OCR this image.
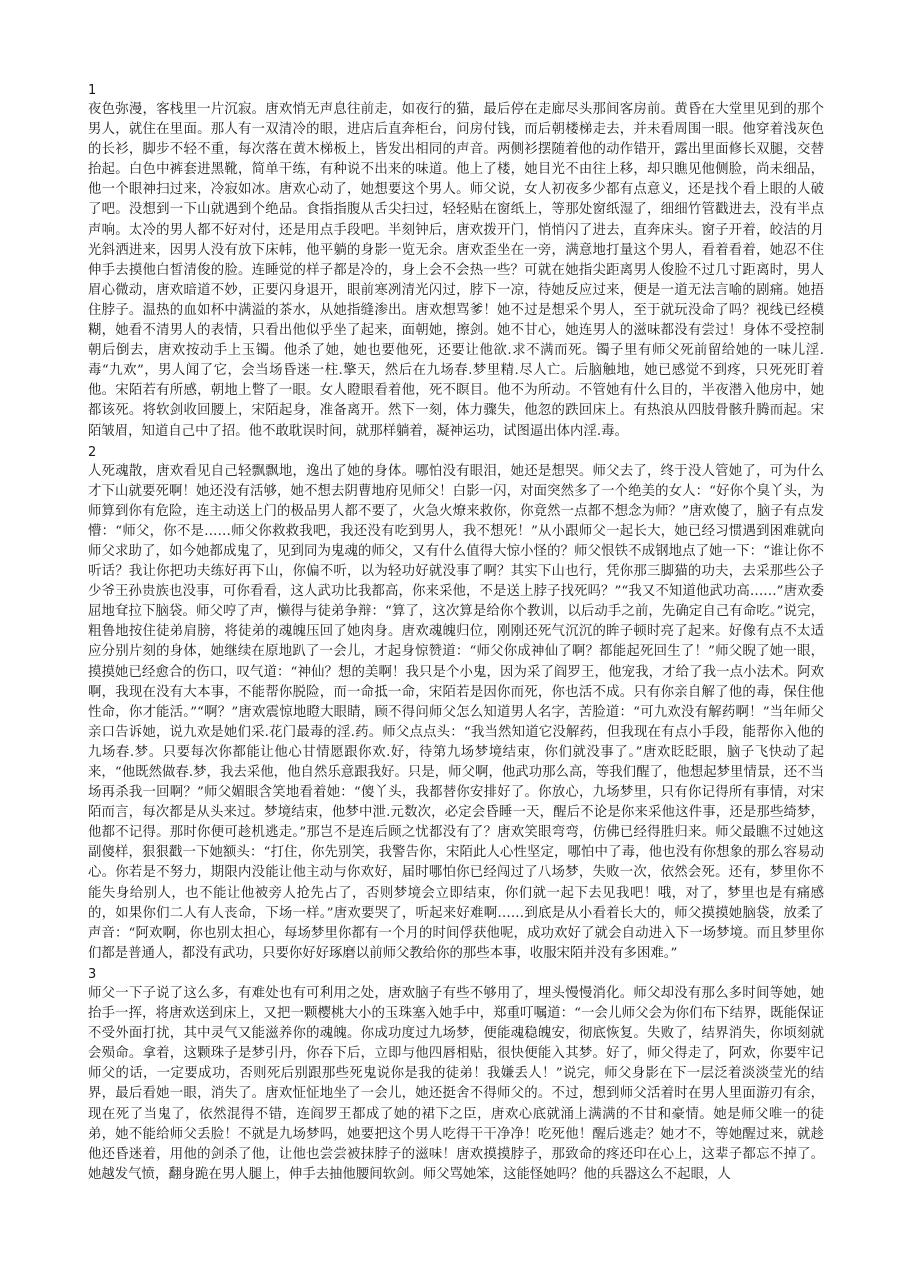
1

夜色弥漫，客栈里一片沉寂。唐欢悄无声息往前走，如夜行的猫，最后停在走廊尽头那间客房前。黄昏在大堂里见到的那个男人，就住在里面。那人有一双清冷的眼，进店后直奔柜台，问房付钱，而后朝楼梯走去，并未看周围一眼。他穿着浅灰色的长衫，脚步不轻不重，每次落在黄木梯板上，皆发出相同的声音。两侧衫摆随着他的动作错开，露出里面修长双腿，交替抬起。白色中裤套进黑靴，简单干练，有种说不出来的味道。他上了楼，她目光不由往上移，却只瞧见他侧脸，尚未细品，他一个眼神扫过来，冷寂如冰。唐欢心动了，她想要这个男人。师父说，女人初夜多少都有点意义，还是找个看上眼的人破了吧。没想到一下山就遇到个绝品。食指指腹从舌尖扫过，轻轻贴在窗纸上，等那处窗纸湿了，细细竹管戳进去，没有半点声响。太冷的男人都不好对付，还是用点手段吧。半刻钟后，唐欢拨开门，悄悄闪了进去，直奔床头。窗子开着，皎洁的月光斜洒进来，因男人没有放下床帏，他平躺的身影一览无余。唐欢歪坐在一旁，满意地打量这个男人，看着看着，她忍不住伸手去摸他白皙清俊的脸。连睡觉的样子都是冷的，身上会不会热一些？可就在她指尖距离男人俊脸不过几寸距离时，男人眉心微动，唐欢暗道不妙，正要闪身退开，眼前寒冽清光闪过，脖下一凉，待她反应过来，便是一道无法言喻的剧痛。她捂住脖子。温热的血如杯中满溢的茶水，从她指缝渗出。唐欢想骂爹！她不过是想采个男人，至于就玩没命了吗？视线已经模糊，她看不清男人的表情，只看出他似乎坐了起来，面朝她，擦剑。她不甘心，她连男人的滋味都没有尝过！身体不受控制朝后倒去，唐欢按动手上玉镯。他杀了她，她也要他死，还要让他欲.求不满而死。镯子里有师父死前留给她的一味儿淫.毒“九欢”，男人闻了它，会当场昏迷一柱.擎天，然后在九场春.梦里精.尽人亡。后脑触地，她已感觉不到疼，只死死盯着他。宋陌若有所感，朝地上瞥了一眼。女人瞪眼看着他，死不瞑目。他不为所动。不管她有什么目的，半夜潜入他房中，她都该死。将软剑收回腰上，宋陌起身，准备离开。然下一刻，体力骤失，他忽的跌回床上。有热浪从四肢骨骸升腾而起。宋陌皱眉，知道自己中了招。他不敢耽误时间，就那样躺着，凝神运功，试图逼出体内淫.毒。

2

人死魂散，唐欢看见自己轻飘飘地，逸出了她的身体。哪怕没有眼泪，她还是想哭。师父去了，终于没人管她了，可为什么才下山就要死啊！她还没有活够，她不想去阴曹地府见师父！白影一闪，对面突然多了一个绝美的女人：“好你个臭丫头，为师算到你有危险，连主动送上门的极品男人都不要了，火急火燎来救你，你竟然一点都不想念为师？”唐欢傻了，脑子有点发懵：“师父，你不是……师父你救救我吧，我还没有吃到男人，我不想死！”从小跟师父一起长大，她已经习惯遇到困难就向师父求助了，如今她都成鬼了，见到同为鬼魂的师父，又有什么值得大惊小怪的？师父恨铁不成钢地点了她一下：“谁让你不听话？我让你把功夫练好再下山，你偏不听，以为轻功好就没事了啊？其实下山也行，凭你那三脚猫的功夫，去采那些公子少爷王孙贵族也没事，可你看看，这人武功比我都高，你来采他，不是送上脖子找死吗？”“我又不知道他武功高……”唐欢委屈地耷拉下脑袋。师父哼了声，懒得与徒弟争辩：“算了，这次算是给你个教训，以后动手之前，先确定自己有命吃。”说完，粗鲁地按住徒弟肩膀，将徒弟的魂魄压回了她肉身。唐欢魂魄归位，刚刚还死气沉沉的眸子顿时亮了起来。好像有点不太适应分别片刻的身体，她继续在原地趴了一会儿，才起身惊赞道：“师父你成神仙了啊？都能起死回生了！”师父睨了她一眼，摸摸她已经愈合的伤口，叹气道：“神仙？想的美啊！我只是个小鬼，因为采了阎罗王，他宠我，才给了我一点小法术。阿欢啊，我现在没有大本事，不能帮你脱险，而一命抵一命，宋陌若是因你而死，你也活不成。只有你亲自解了他的毒，保住他性命，你才能活。”“啊？”唐欢震惊地瞪大眼睛，顾不得问师父怎么知道男人名字，苦脸道：“可九欢没有解药啊！”当年师父亲口告诉她，说九欢是她们采.花门最毒的淫.药。师父点点头：“我当然知道它没解药，但我现在有点小手段，能帮你入他的九场春.梦。只要每次你都能让他心甘情愿跟你欢.好，待第九场梦境结束，你们就没事了。”唐欢眨眨眼，脑子飞快动了起来，“他既然做春.梦，我去采他，他自然乐意跟我好。只是，师父啊，他武功那么高，等我们醒了，他想起梦里情景，还不当场再杀我一回啊？”师父媚眼含笑地看着她：“傻丫头，我都替你安排好了。你放心，九场梦里，只有你记得所有事情，对宋陌而言，每次都是从头来过。梦境结束，他梦中泄.元数次，必定会昏睡一天，醒后不论是你来采他这件事，还是那些绮梦，他都不记得。那时你便可趁机逃走。”那岂不是连后顾之忧都没有了？唐欢笑眼弯弯，仿佛已经得胜归来。师父最瞧不过她这副傻样，狠狠戳一下她额头：“打住，你先别笑，我警告你，宋陌此人心性坚定，哪怕中了毒，他也没有你想象的那么容易动心。你若是不努力，期限内没能让他主动与你欢好，届时哪怕你已经闯过了八场梦，失败一次，依然会死。还有，梦里你不能失身给别人，也不能让他被旁人抢先占了，否则梦境会立即结束，你们就一起下去见我吧！哦，对了，梦里也是有痛感的，如果你们二人有人丧命，下场一样。”唐欢要哭了，听起来好难啊……到底是从小看着长大的，师父摸摸她脑袋，放柔了声音：“阿欢啊，你也别太担心，每场梦里你都有一个月的时间俘获他呢，成功欢好了就会自动进入下一场梦境。而且梦里你们都是普通人，都没有武功，只要你好好琢磨以前师父教给你的那些本事，收服宋陌并没有多困难。”

3

师父一下子说了这么多，有难处也有可利用之处，唐欢脑子有些不够用了，埋头慢慢消化。师父却没有那么多时间等她，她抬手一挥，将唐欢送到床上，又把一颗樱桃大小的玉珠塞入她手中，郑重叮嘱道：“一会儿师父会为你们布下结界，既能保证不受外面打扰，其中灵气又能滋养你的魂魄。你成功度过九场梦，便能魂稳魄安，彻底恢复。失败了，结界消失，你顷刻就会殒命。拿着，这颗珠子是梦引丹，你吞下后，立即与他四唇相贴，很快便能入其梦。好了，师父得走了，阿欢，你要牢记师父的话，一定要成功，否则死后别跟那些死鬼说你是我的徒弟！我嫌丢人！”说完，师父身影在下一层泛着淡淡莹光的结界，最后看她一眼，消失了。唐欢怔怔地坐了一会儿，她还挺舍不得师父的。不过，想到师父活着时在男人里面游刃有余，现在死了当鬼了，依然混得不错，连阎罗王都成了她的裙下之臣，唐欢心底就涌上满满的不甘和豪情。她是师父唯一的徒弟，她不能给师父丢脸！不就是九场梦吗，她要把这个男人吃得干干净净！吃死他！醒后逃走？她才不，等她醒过来，就趁他还昏迷着，用他的剑杀了他，让他也尝尝被抹脖子的滋味！唐欢摸摸脖子，那致命的疼还印在心上，这辈子都忘不掉了。她越发气愤，翻身跪在男人腿上，伸手去抽他腰间软剑。师父骂她笨，这能怪她吗？他的兵器这么不起眼，人
